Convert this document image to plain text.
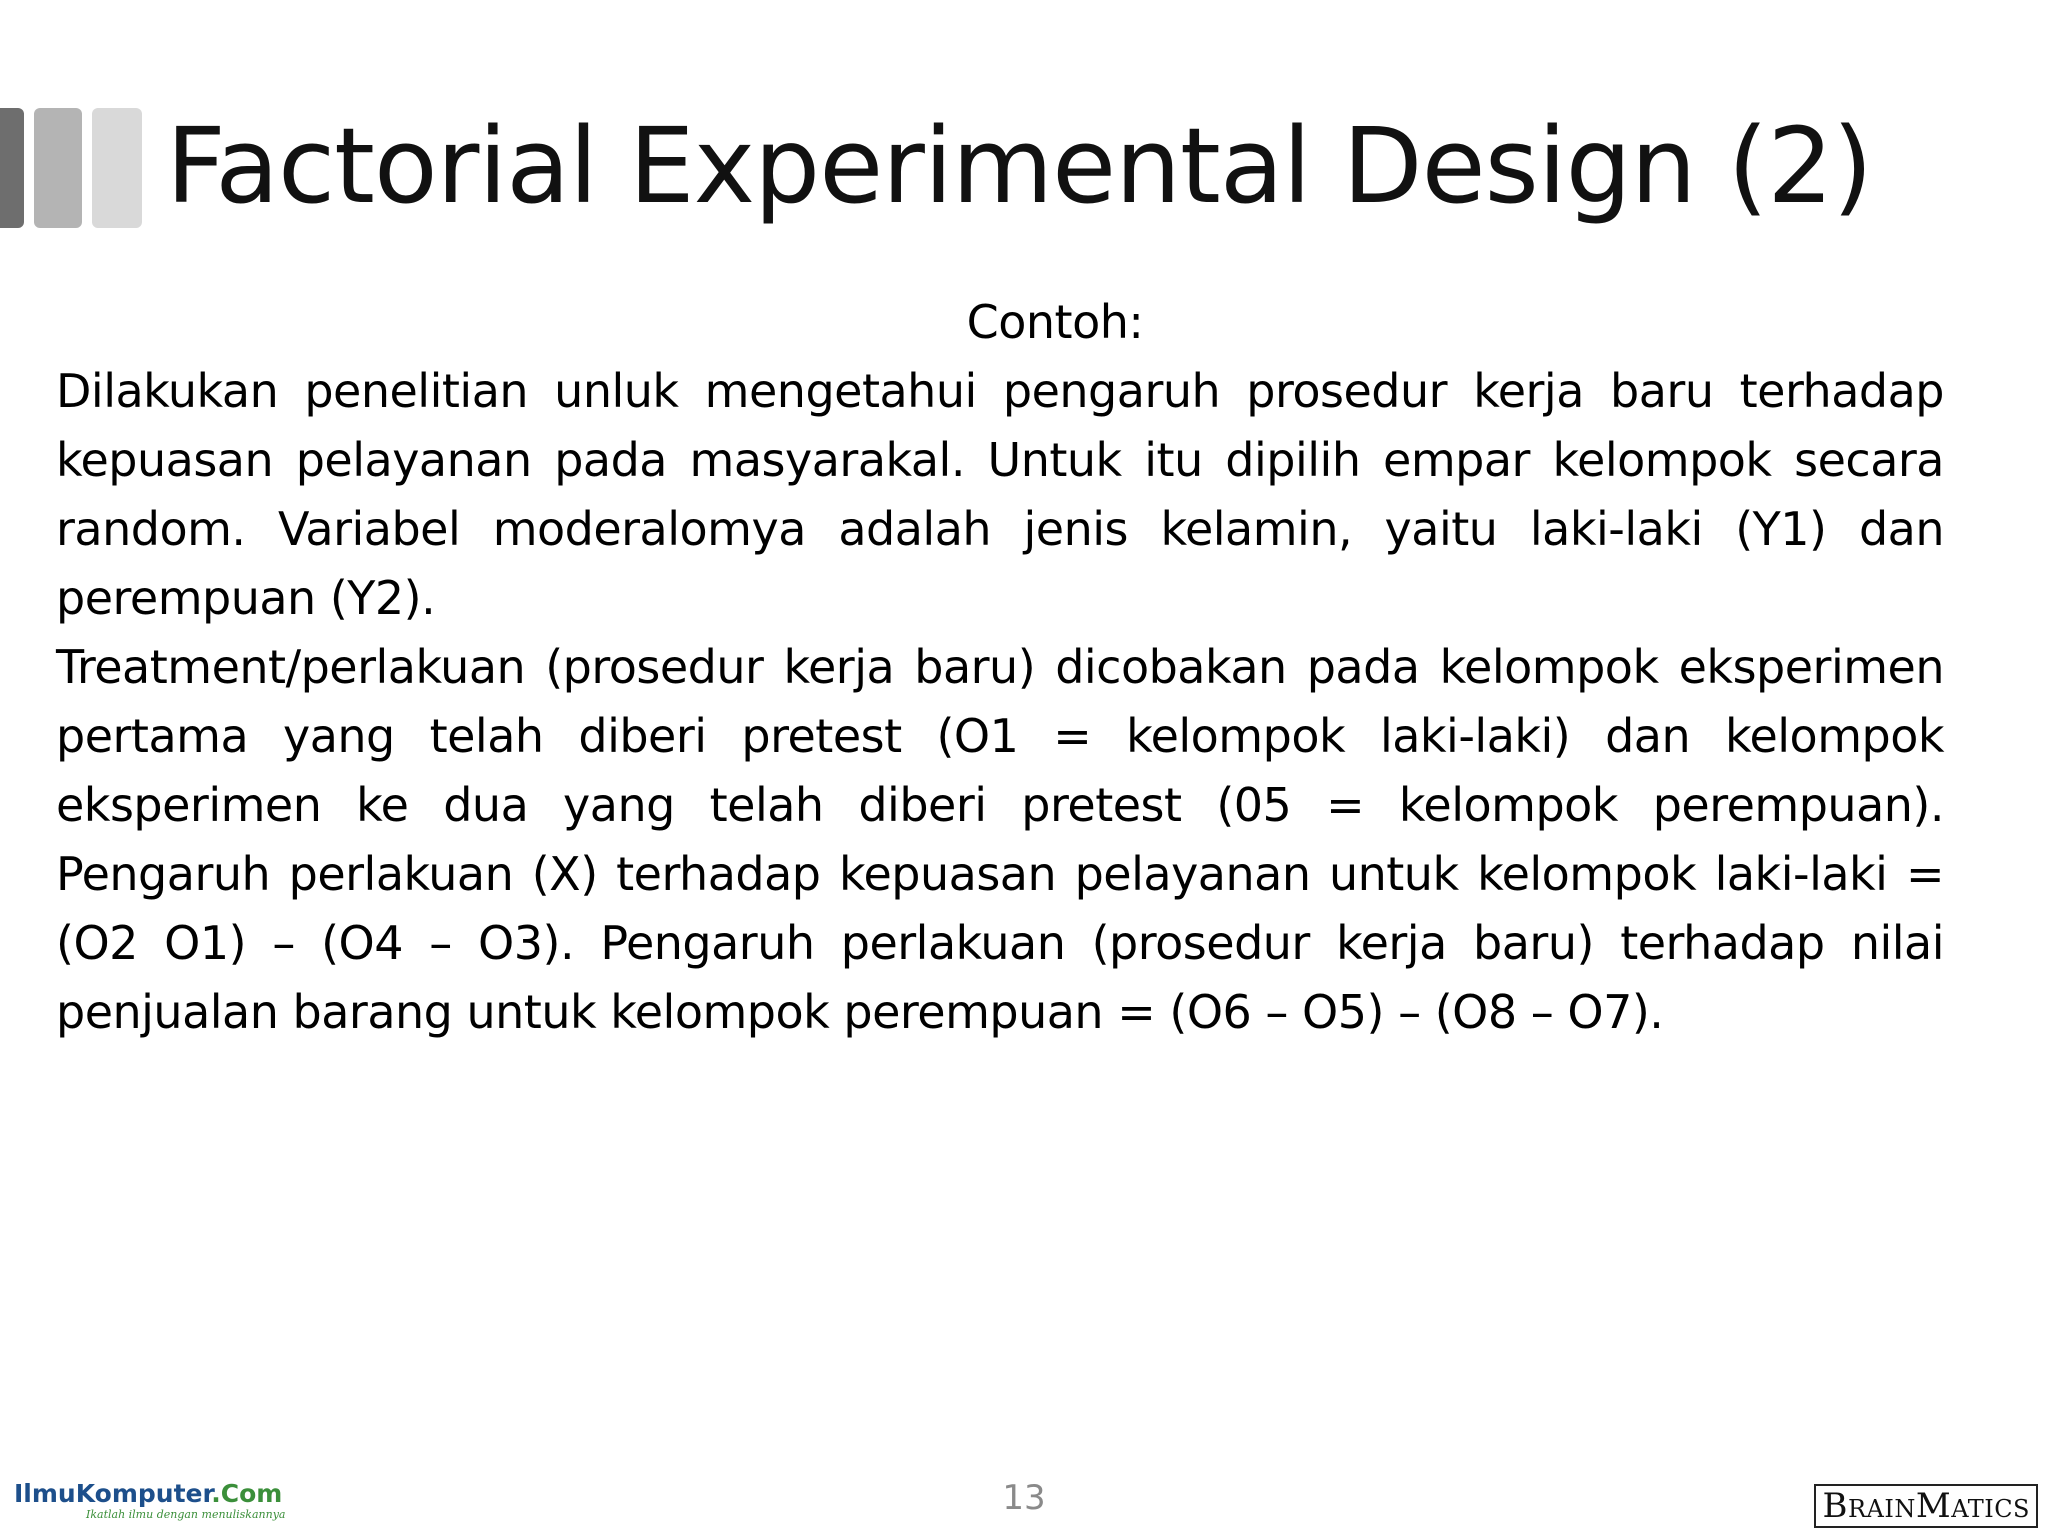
Factorial Experimental Design (2)

Contoh:

Dilakukan penelitian unluk mengetahui pengaruh prosedur kerja baru terhadap kepuasan pelayanan pada masyarakal. Untuk itu dipilih empar kelompok secara random. Variabel moderalomya adalah jenis kelamin, yaitu laki-laki (Y1) dan perempuan (Y2).

Treatment/perlakuan (prosedur kerja baru) dicobakan pada kelompok eksperimen pertama yang telah diberi pretest (O1 = kelompok laki-laki) dan kelompok eksperimen ke dua yang telah diberi pretest (05 = kelompok perempuan). Pengaruh perlakuan (X) terhadap kepuasan pelayanan untuk kelompok laki-laki = (O2 O1) – (O4 – O3). Pengaruh perlakuan (prosedur kerja baru) terhadap nilai penjualan barang untuk kelompok perempuan = (O6 – O5) – (O8 – O7).

13
IlmuKomputer.Com
Ikatlah ilmu dengan menuliskannya	BRAINMATICS
